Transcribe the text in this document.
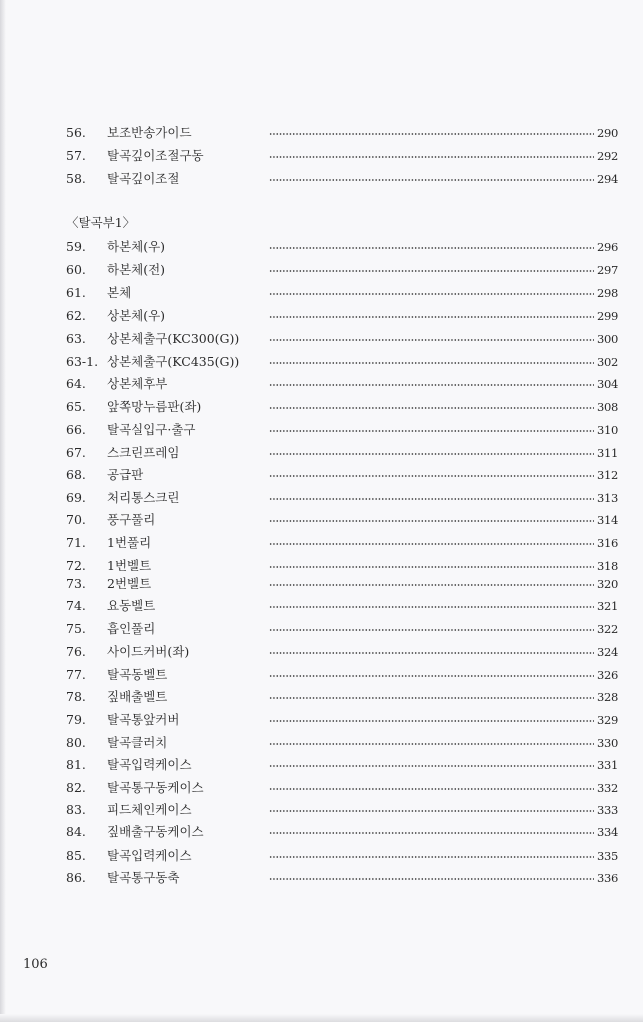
56.	보조반송가이드	290
57.	탈곡깊이조절구동	292
58.	탈곡깊이조절	294
59.	하본체(우)	296
60.	하본체(전)	297
61.	본체	298
62.	상본체(우)	299
63.	상본체출구(KC300(G))	300
63-1. 상본체출구(KC435(G))	302
64.	상본체후부	304
65.	앞쪽망누름판(좌)	308
66.	탈곡실입구·출구	310
67.	스크린프레임	311
68.	공급판	312
69.	처리통스크린	313
70.	풍구풀리	314
71.	1번풀리	316
72.	1번벨트	318
73.	2번벨트	320
74.	요동벨트	321
75.	흡인풀리	322
76.	사이드커버(좌)	324
77.	탈곡동벨트	326
78.	짚배출벨트	328
79.	탈곡통앞커버	329
80.	탈곡클러치	330
81.	탈곡입력케이스	331
82.	탈곡통구동케이스	332
83.	피드체인케이스	333
84.	짚배출구동케이스	334
85.	탈곡입력케이스	335
86.	탈곡통구동축	336
〈탈곡부1〉
106
